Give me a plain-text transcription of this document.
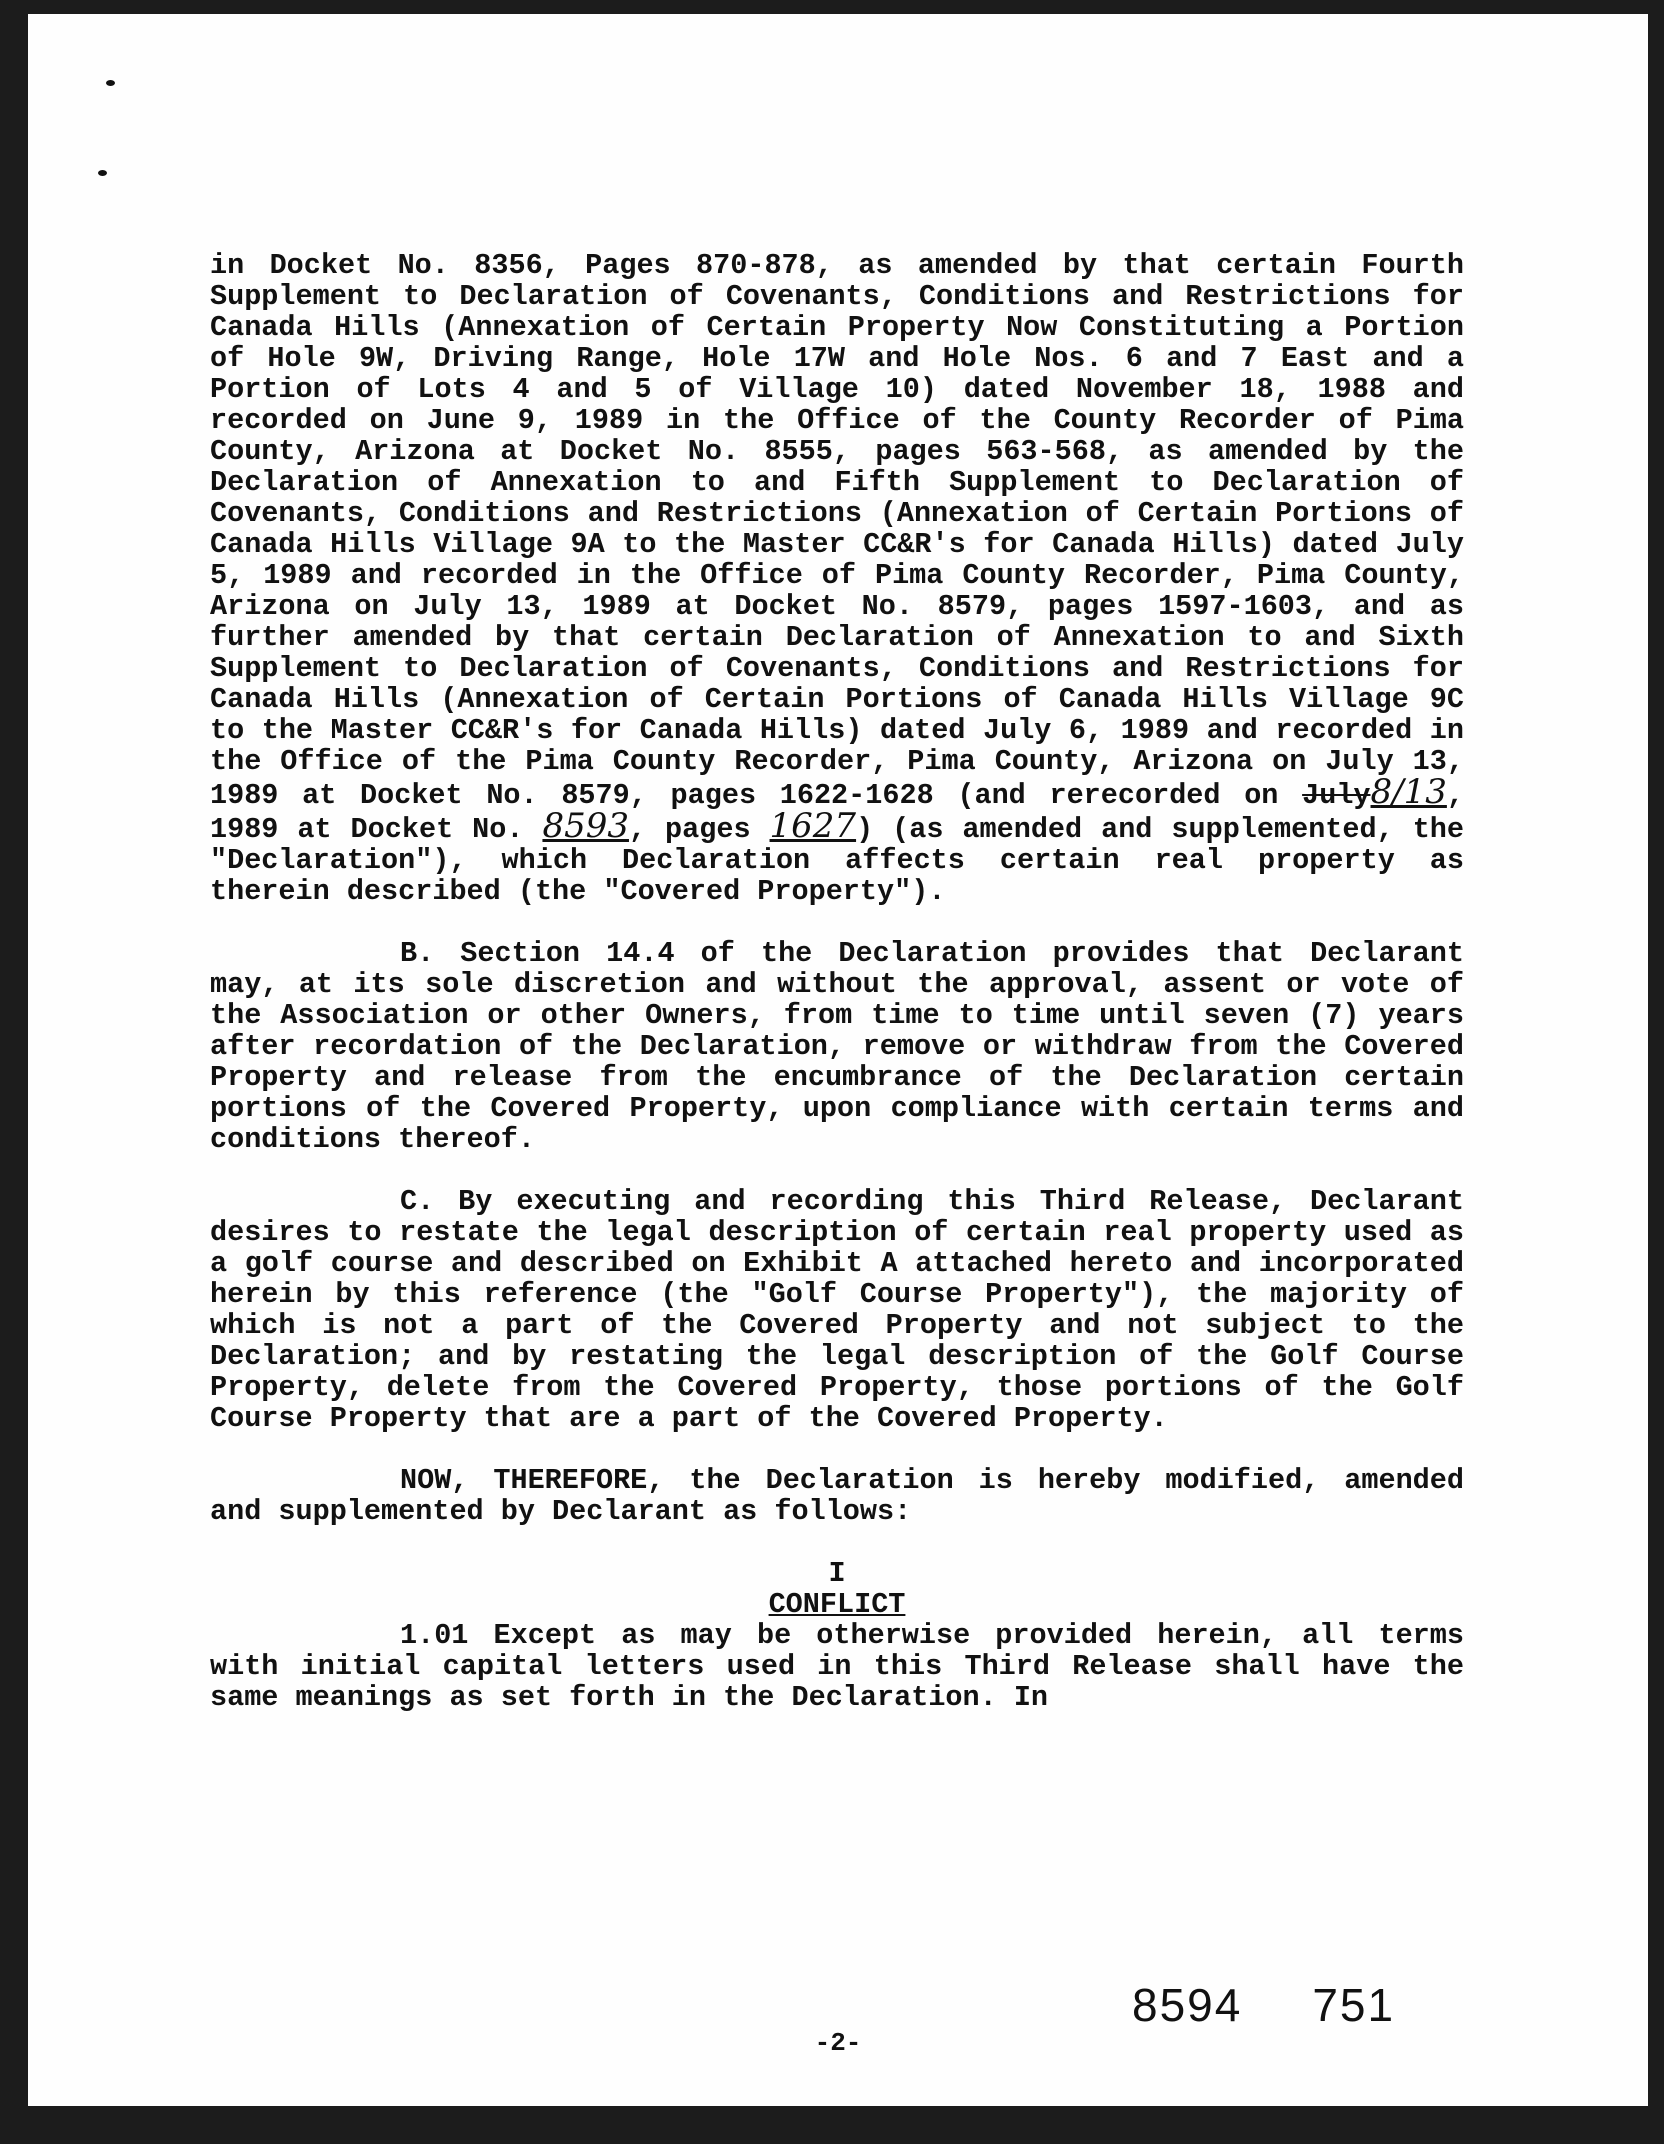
in Docket No. 8356, Pages 870-878, as amended by that certain Fourth Supplement to Declaration of Covenants, Conditions and Restrictions for Canada Hills (Annexation of Certain Property Now Constituting a Portion of Hole 9W, Driving Range, Hole 17W and Hole Nos. 6 and 7 East and a Portion of Lots 4 and 5 of Village 10) dated November 18, 1988 and recorded on June 9, 1989 in the Office of the County Recorder of Pima County, Arizona at Docket No. 8555, pages 563-568, as amended by the Declaration of Annexation to and Fifth Supplement to Declaration of Covenants, Conditions and Restrictions (Annexation of Certain Portions of Canada Hills Village 9A to the Master CC&R's for Canada Hills) dated July 5, 1989 and recorded in the Office of Pima County Recorder, Pima County, Arizona on July 13, 1989 at Docket No. 8579, pages 1597-1603, and as further amended by that certain Declaration of Annexation to and Sixth Supplement to Declaration of Covenants, Conditions and Restrictions for Canada Hills (Annexation of Certain Portions of Canada Hills Village 9C to the Master CC&R's for Canada Hills) dated July 6, 1989 and recorded in the Office of the Pima County Recorder, Pima County, Arizona on July 13, 1989 at Docket No. 8579, pages 1622-1628 (and rerecorded on July8/13, 1989 at Docket No. 8593, pages 1627) (as amended and supplemented, the "Declaration"), which Declaration affects certain real property as therein described (the "Covered Property").

B. Section 14.4 of the Declaration provides that Declarant may, at its sole discretion and without the approval, assent or vote of the Association or other Owners, from time to time until seven (7) years after recordation of the Declaration, remove or withdraw from the Covered Property and release from the encumbrance of the Declaration certain portions of the Covered Property, upon compliance with certain terms and conditions thereof.

C. By executing and recording this Third Release, Declarant desires to restate the legal description of certain real property used as a golf course and described on Exhibit A attached hereto and incorporated herein by this reference (the "Golf Course Property"), the majority of which is not a part of the Covered Property and not subject to the Declaration; and by restating the legal description of the Golf Course Property, delete from the Covered Property, those portions of the Golf Course Property that are a part of the Covered Property.

NOW, THEREFORE, the Declaration is hereby modified, amended and supplemented by Declarant as follows:

I

CONFLICT

1.01 Except as may be otherwise provided herein, all terms with initial capital letters used in this Third Release shall have the same meanings as set forth in the Declaration. In

8594 751
-2-
